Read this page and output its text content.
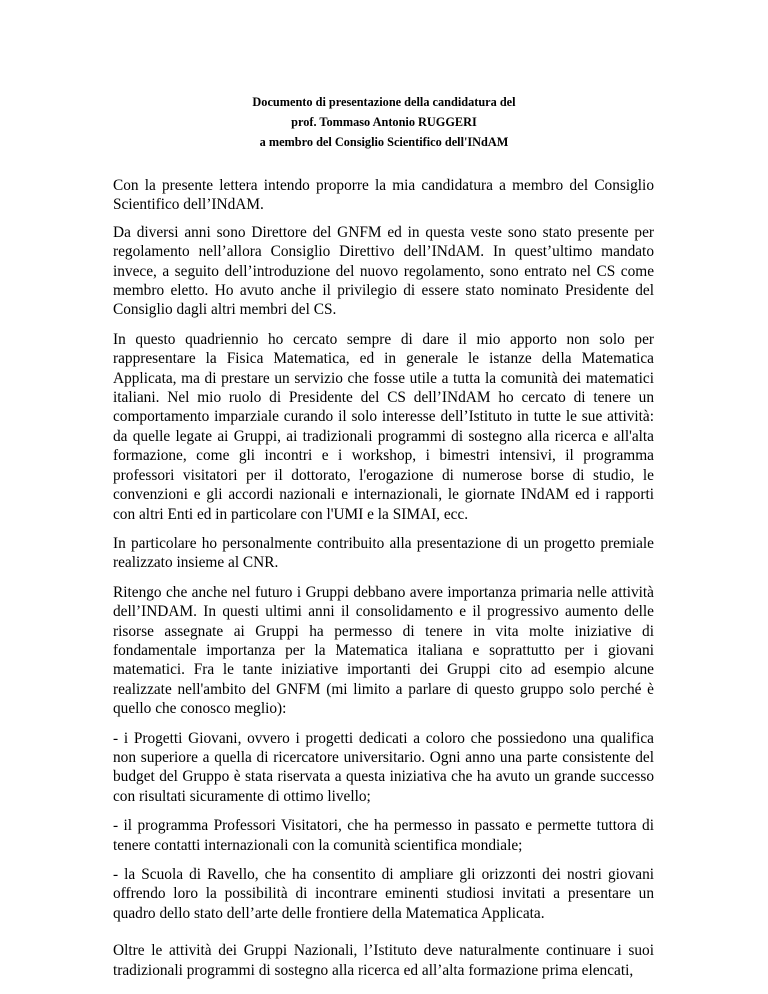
Documento di presentazione della candidatura del
prof. Tommaso Antonio RUGGERI
a membro del Consiglio Scientifico dell'INdAM

Con la presente lettera intendo proporre la mia candidatura a membro del Consiglio Scientifico dell’INdAM.

Da diversi anni sono Direttore del GNFM ed in questa veste sono stato presente per regolamento nell’allora Consiglio Direttivo dell’INdAM. In quest’ultimo mandato invece, a seguito dell’introduzione del nuovo regolamento, sono entrato nel CS come membro eletto. Ho avuto anche il privilegio di essere stato nominato Presidente del Consiglio dagli altri membri del CS.

In questo quadriennio ho cercato sempre di dare il mio apporto non solo per rappresentare la Fisica Matematica, ed in generale le istanze della Matematica Applicata, ma di prestare un servizio che fosse utile a tutta la comunità dei matematici italiani. Nel mio ruolo di Presidente del CS dell’INdAM ho cercato di tenere un comportamento imparziale curando il solo interesse dell’Istituto in tutte le sue attività: da quelle legate ai Gruppi, ai tradizionali programmi di sostegno alla ricerca e all'alta formazione, come gli incontri e i workshop, i bimestri intensivi, il programma professori visitatori per il dottorato, l'erogazione di numerose borse di studio, le convenzioni e gli accordi nazionali e internazionali, le giornate INdAM ed i rapporti con altri Enti ed in particolare con l'UMI e la SIMAI, ecc.

In particolare ho personalmente contribuito alla presentazione di un progetto premiale realizzato insieme al CNR.

Ritengo che anche nel futuro i Gruppi debbano avere importanza primaria nelle attività dell’INDAM. In questi ultimi anni il consolidamento e il progressivo aumento delle risorse assegnate ai Gruppi ha permesso di tenere in vita molte iniziative di fondamentale importanza per la Matematica italiana e soprattutto per i giovani matematici. Fra le tante iniziative importanti dei Gruppi cito ad esempio alcune realizzate nell'ambito del GNFM (mi limito a parlare di questo gruppo solo perché è quello che conosco meglio):

- i Progetti Giovani, ovvero i progetti dedicati a coloro che possiedono una qualifica non superiore a quella di ricercatore universitario. Ogni anno una parte consistente del budget del Gruppo è stata riservata a questa iniziativa che ha avuto un grande successo con risultati sicuramente di ottimo livello;

- il programma Professori Visitatori, che ha permesso in passato e permette tuttora di tenere contatti internazionali con la comunità scientifica mondiale;

- la Scuola di Ravello, che ha consentito di ampliare gli orizzonti dei nostri giovani offrendo loro la possibilità di incontrare eminenti studiosi invitati a presentare un quadro dello stato dell’arte delle frontiere della Matematica Applicata.

Oltre le attività dei Gruppi Nazionali, l’Istituto deve naturalmente continuare i suoi tradizionali programmi di sostegno alla ricerca ed all’alta formazione prima elencati,
